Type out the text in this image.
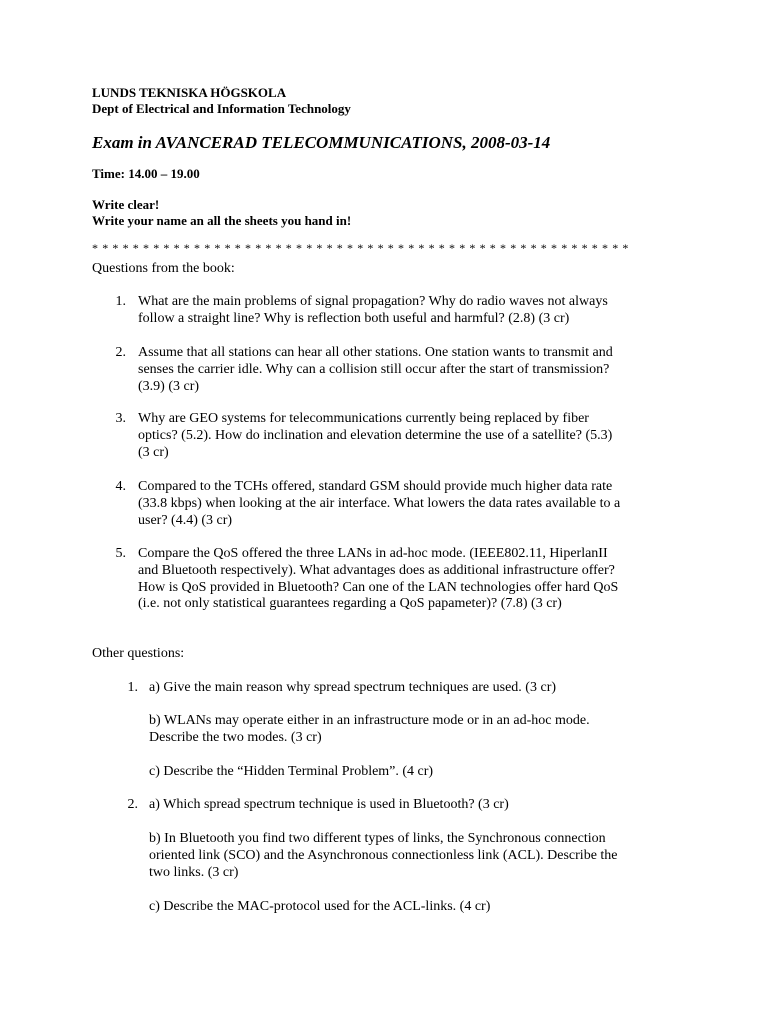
LUNDS TEKNISKA HÖGSKOLA
Dept of Electrical and Information Technology
Exam in AVANCERAD TELECOMMUNICATIONS, 2008-03-14
Time: 14.00 – 19.00
Write clear!
Write your name an all the sheets you hand in!
* * * * * * * * * * * * * * * * * * * * * * * * * * * * * * * * * * * * * * * * * * * * * * * * * * * * *
Questions from the book:
1. What are the main problems of signal propagation? Why do radio waves not always
follow a straight line? Why is reflection both useful and harmful? (2.8) (3 cr)
2. Assume that all stations can hear all other stations. One station wants to transmit and
senses the carrier idle. Why can a collision still occur after the start of transmission?
(3.9) (3 cr)
3. Why are GEO systems for telecommunications currently being replaced by fiber
optics? (5.2). How do inclination and elevation determine the use of a satellite? (5.3)
(3 cr)
4. Compared to the TCHs offered, standard GSM should provide much higher data rate
(33.8 kbps) when looking at the air interface. What lowers the data rates available to a
user? (4.4) (3 cr)
5. Compare the QoS offered the three LANs in ad-hoc mode. (IEEE802.11, HiperlanII
and Bluetooth respectively). What advantages does as additional infrastructure offer?
How is QoS provided in Bluetooth? Can one of the LAN technologies offer hard QoS
(i.e. not only statistical guarantees regarding a QoS papameter)? (7.8) (3 cr)
Other questions:
1. a) Give the main reason why spread spectrum techniques are used. (3 cr)
b) WLANs may operate either in an infrastructure mode or in an ad-hoc mode.
Describe the two modes. (3 cr)
c) Describe the “Hidden Terminal Problem”. (4 cr)
2. a) Which spread spectrum technique is used in Bluetooth? (3 cr)
b) In Bluetooth you find two different types of links, the Synchronous connection
oriented link (SCO) and the Asynchronous connectionless link (ACL). Describe the
two links. (3 cr)
c) Describe the MAC-protocol used for the ACL-links. (4 cr)
